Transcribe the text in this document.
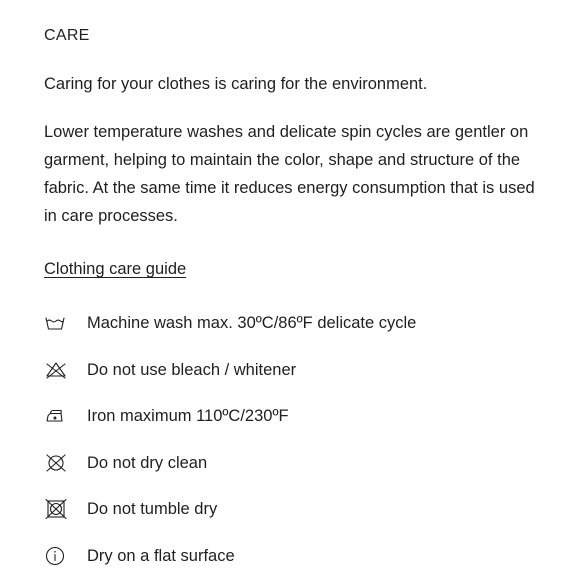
CARE
Caring for your clothes is caring for the environment.
Lower temperature washes and delicate spin cycles are gentler on garment, helping to maintain the color, shape and structure of the fabric. At the same time it reduces energy consumption that is used in care processes.
Clothing care guide
Machine wash max. 30ºC/86ºF delicate cycle
Do not use bleach / whitener
Iron maximum 110ºC/230ºF
Do not dry clean
Do not tumble dry
Dry on a flat surface
